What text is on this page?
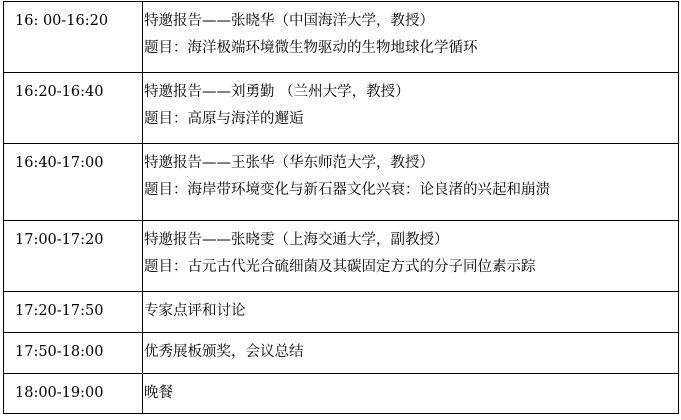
16: 00-16:20	特邀报告——张晓华（中国海洋大学，教授）
题目：海洋极端环境微生物驱动的生物地球化学循环

16:20-16:40	特邀报告——刘勇勤 （兰州大学，教授）
题目：高原与海洋的邂逅

16:40-17:00	特邀报告——王张华（华东师范大学，教授）
题目：海岸带环境变化与新石器文化兴衰：论良渚的兴起和崩溃

17:00-17:20	特邀报告——张晓雯（上海交通大学，副教授）
题目：古元古代光合硫细菌及其碳固定方式的分子同位素示踪

17:20-17:50	专家点评和讨论

17:50-18:00	优秀展板颁奖，会议总结

18:00-19:00	晚餐
